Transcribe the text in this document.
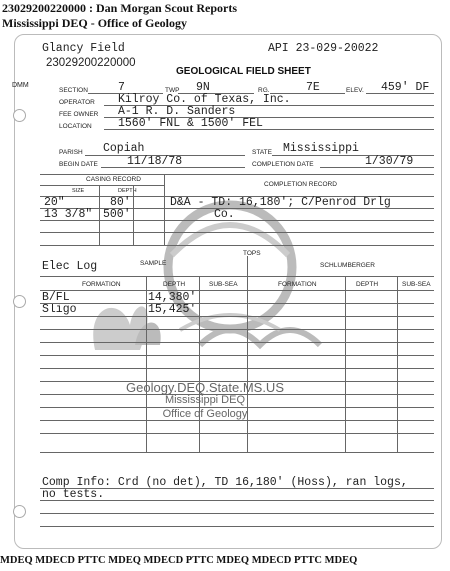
23029200220000 : Dan Morgan Scout Reports
Mississippi DEQ - Office of Geology
Geology.DEQ.State.MS.US
Mississippi DEQ
Office of Geology
Glancy Field	API 23-029-20022
23029200220000
GEOLOGICAL FIELD SHEET
DMM
SECTION	7	TWP 9N	RG.	7E	ELEV. 459' DF
OPERATOR Kilroy Co. of Texas, Inc.
FEE OWNER A-1 R. D. Sanders
LOCATION 1560' FNL & 1500' FEL
PARISH Copiah	STATE Mississippi
BEGIN DATE	11/18/78	COMPLETION DATE	1/30/79
CASING RECORD
COMPLETION RECORD
SIZE	DEPTH
20"	80'
13 3/8" 500'
D&A - TD: 16,180'; C/Penrod Drlg
Co.
TOPS
Elec Log	SAMPLE	SCHLUMBERGER
FORMATION	DEPTH	SUB-SEA	FORMATION	DEPTH	SUB-SEA
B/FL	14,380'
Sligo	15,425'
Comp Info: Crd (no det), TD 16,180' (Hoss), ran logs,
no tests.
MDEQ MDECD PTTC MDEQ MDECD PTTC MDEQ MDECD PTTC MDEQ
